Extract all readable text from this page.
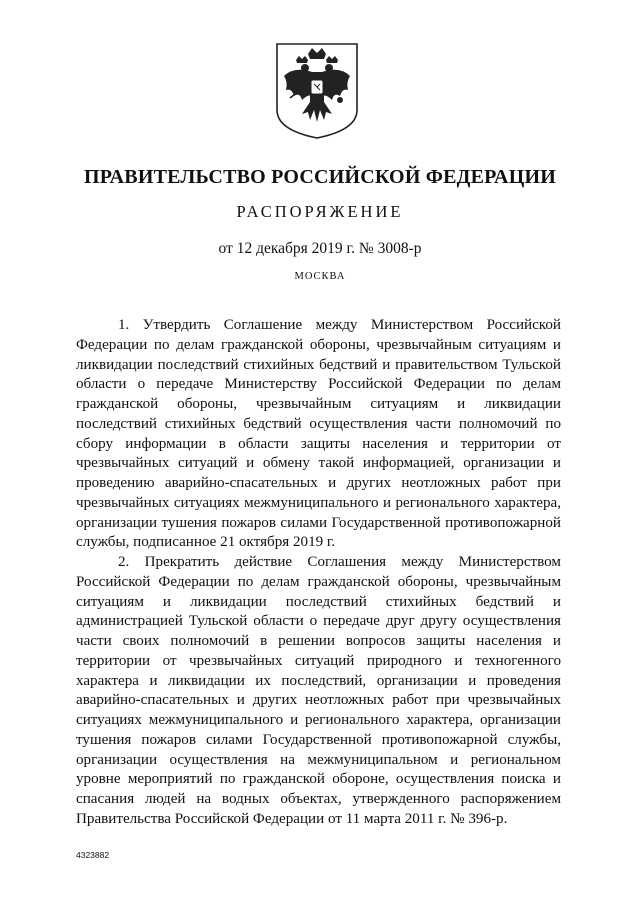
ПРАВИТЕЛЬСТВО РОССИЙСКОЙ ФЕДЕРАЦИИ
РАСПОРЯЖЕНИЕ
от 12 декабря 2019 г. № 3008-р
МОСКВА

1. Утвердить Соглашение между Министерством Российской Федерации по делам гражданской обороны, чрезвычайным ситуациям и ликвидации последствий стихийных бедствий и правительством Тульской области о передаче Министерству Российской Федерации по делам гражданской обороны, чрезвычайным ситуациям и ликвидации последствий стихийных бедствий осуществления части полномочий по сбору информации в области защиты населения и территории от чрезвычайных ситуаций и обмену такой информацией, организации и проведению аварийно-спасательных и других неотложных работ при чрезвычайных ситуациях межмуниципального и регионального характера, организации тушения пожаров силами Государственной противопожарной службы, подписанное 21 октября 2019 г.

2. Прекратить действие Соглашения между Министерством Российской Федерации по делам гражданской обороны, чрезвычайным ситуациям и ликвидации последствий стихийных бедствий и администрацией Тульской области о передаче друг другу осуществления части своих полномочий в решении вопросов защиты населения и территории от чрезвычайных ситуаций природного и техногенного характера и ликвидации их последствий, организации и проведения аварийно-спасательных и других неотложных работ при чрезвычайных ситуациях межмуниципального и регионального характера, организации тушения пожаров силами Государственной противопожарной службы, организации осуществления на межмуниципальном и региональном уровне мероприятий по гражданской обороне, осуществления поиска и спасания людей на водных объектах, утвержденного распоряжением Правительства Российской Федерации от 11 марта 2011 г. № 396-р.

4323882
